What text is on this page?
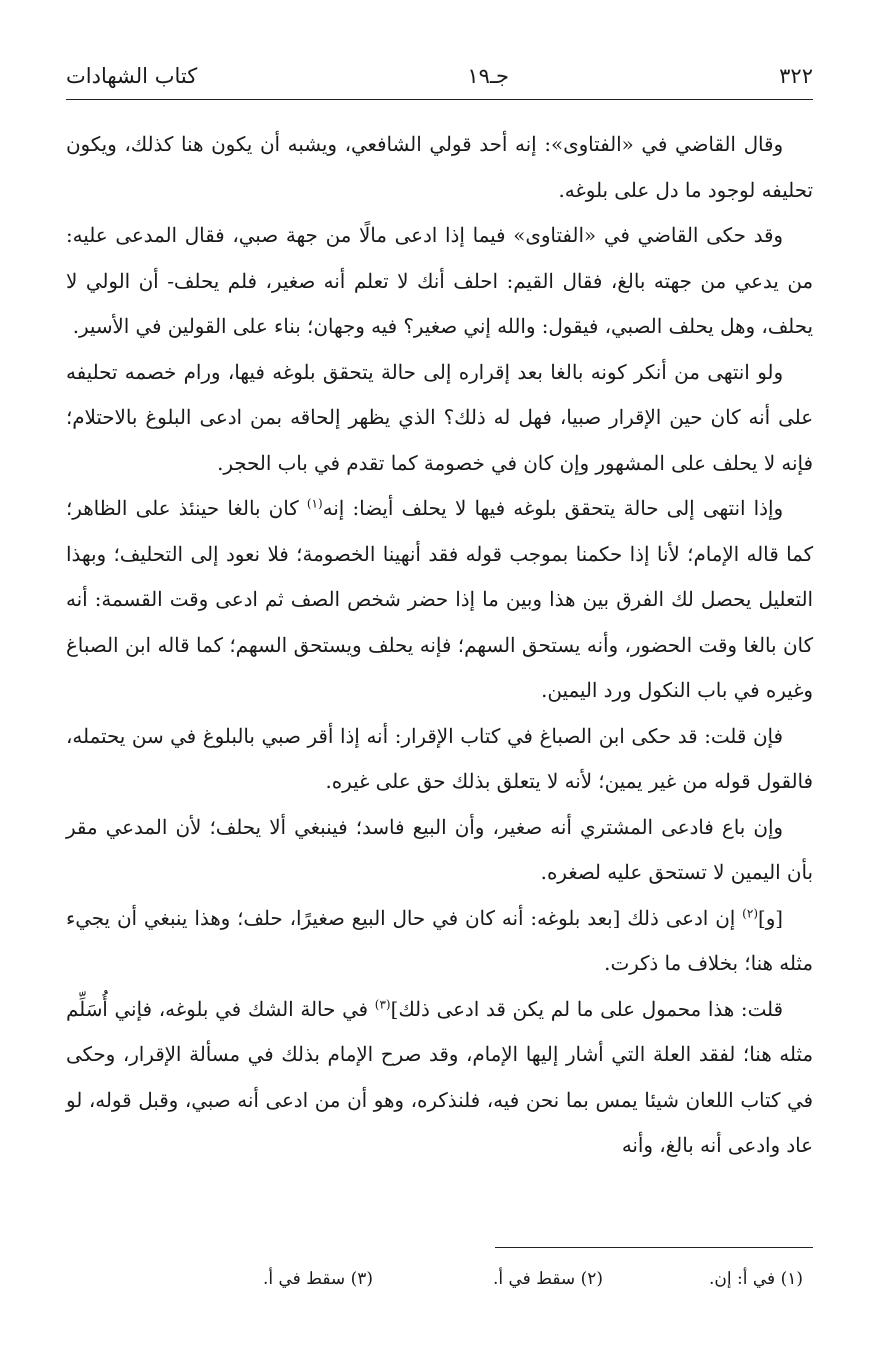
٣٢٢
جـ١٩
كتاب الشهادات

وقال القاضي في «الفتاوى»: إنه أحد قولي الشافعي، ويشبه أن يكون هنا كذلك، ويكون تحليفه لوجود ما دل على بلوغه.

وقد حكى القاضي في «الفتاوى» فيما إذا ادعى مالًا من جهة صبي، فقال المدعى عليه: من يدعي من جهته بالغ، فقال القيم: احلف أنك لا تعلم أنه صغير، فلم يحلف- أن الولي لا يحلف، وهل يحلف الصبي، فيقول: والله إني صغير؟ فيه وجهان؛ بناء على القولين في الأسير.

ولو انتهى من أنكر كونه بالغا بعد إقراره إلى حالة يتحقق بلوغه فيها، ورام خصمه تحليفه على أنه كان حين الإقرار صبيا، فهل له ذلك؟ الذي يظهر إلحاقه بمن ادعى البلوغ بالاحتلام؛ فإنه لا يحلف على المشهور وإن كان في خصومة كما تقدم في باب الحجر.

وإذا انتهى إلى حالة يتحقق بلوغه فيها لا يحلف أيضا: إنه$^{(١)}$ كان بالغا حينئذ على الظاهر؛ كما قاله الإمام؛ لأنا إذا حكمنا بموجب قوله فقد أنهينا الخصومة؛ فلا نعود إلى التحليف؛ وبهذا التعليل يحصل لك الفرق بين هذا وبين ما إذا حضر شخص الصف ثم ادعى وقت القسمة: أنه كان بالغا وقت الحضور، وأنه يستحق السهم؛ فإنه يحلف ويستحق السهم؛ كما قاله ابن الصباغ وغيره في باب النكول ورد اليمين.

فإن قلت: قد حكى ابن الصباغ في كتاب الإقرار: أنه إذا أقر صبي بالبلوغ في سن يحتمله، فالقول قوله من غير يمين؛ لأنه لا يتعلق بذلك حق على غيره.

وإن باع فادعى المشتري أنه صغير، وأن البيع فاسد؛ فينبغي ألا يحلف؛ لأن المدعي مقر بأن اليمين لا تستحق عليه لصغره.

[و]$^{(٢)}$ إن ادعى ذلك [بعد بلوغه: أنه كان في حال البيع صغيرًا، حلف؛ وهذا ينبغي أن يجيء مثله هنا؛ بخلاف ما ذكرت.

قلت: هذا محمول على ما لم يكن قد ادعى ذلك]$^{(٣)}$ في حالة الشك في بلوغه، فإني أُسَلِّم مثله هنا؛ لفقد العلة التي أشار إليها الإمام، وقد صرح الإمام بذلك في مسألة الإقرار، وحكى في كتاب اللعان شيئا يمس بما نحن فيه، فلنذكره، وهو أن من ادعى أنه صبي، وقبل قوله، لو عاد وادعى أنه بالغ، وأنه

(١) في أ: إن.
(٢) سقط في أ.
(٣) سقط في أ.
